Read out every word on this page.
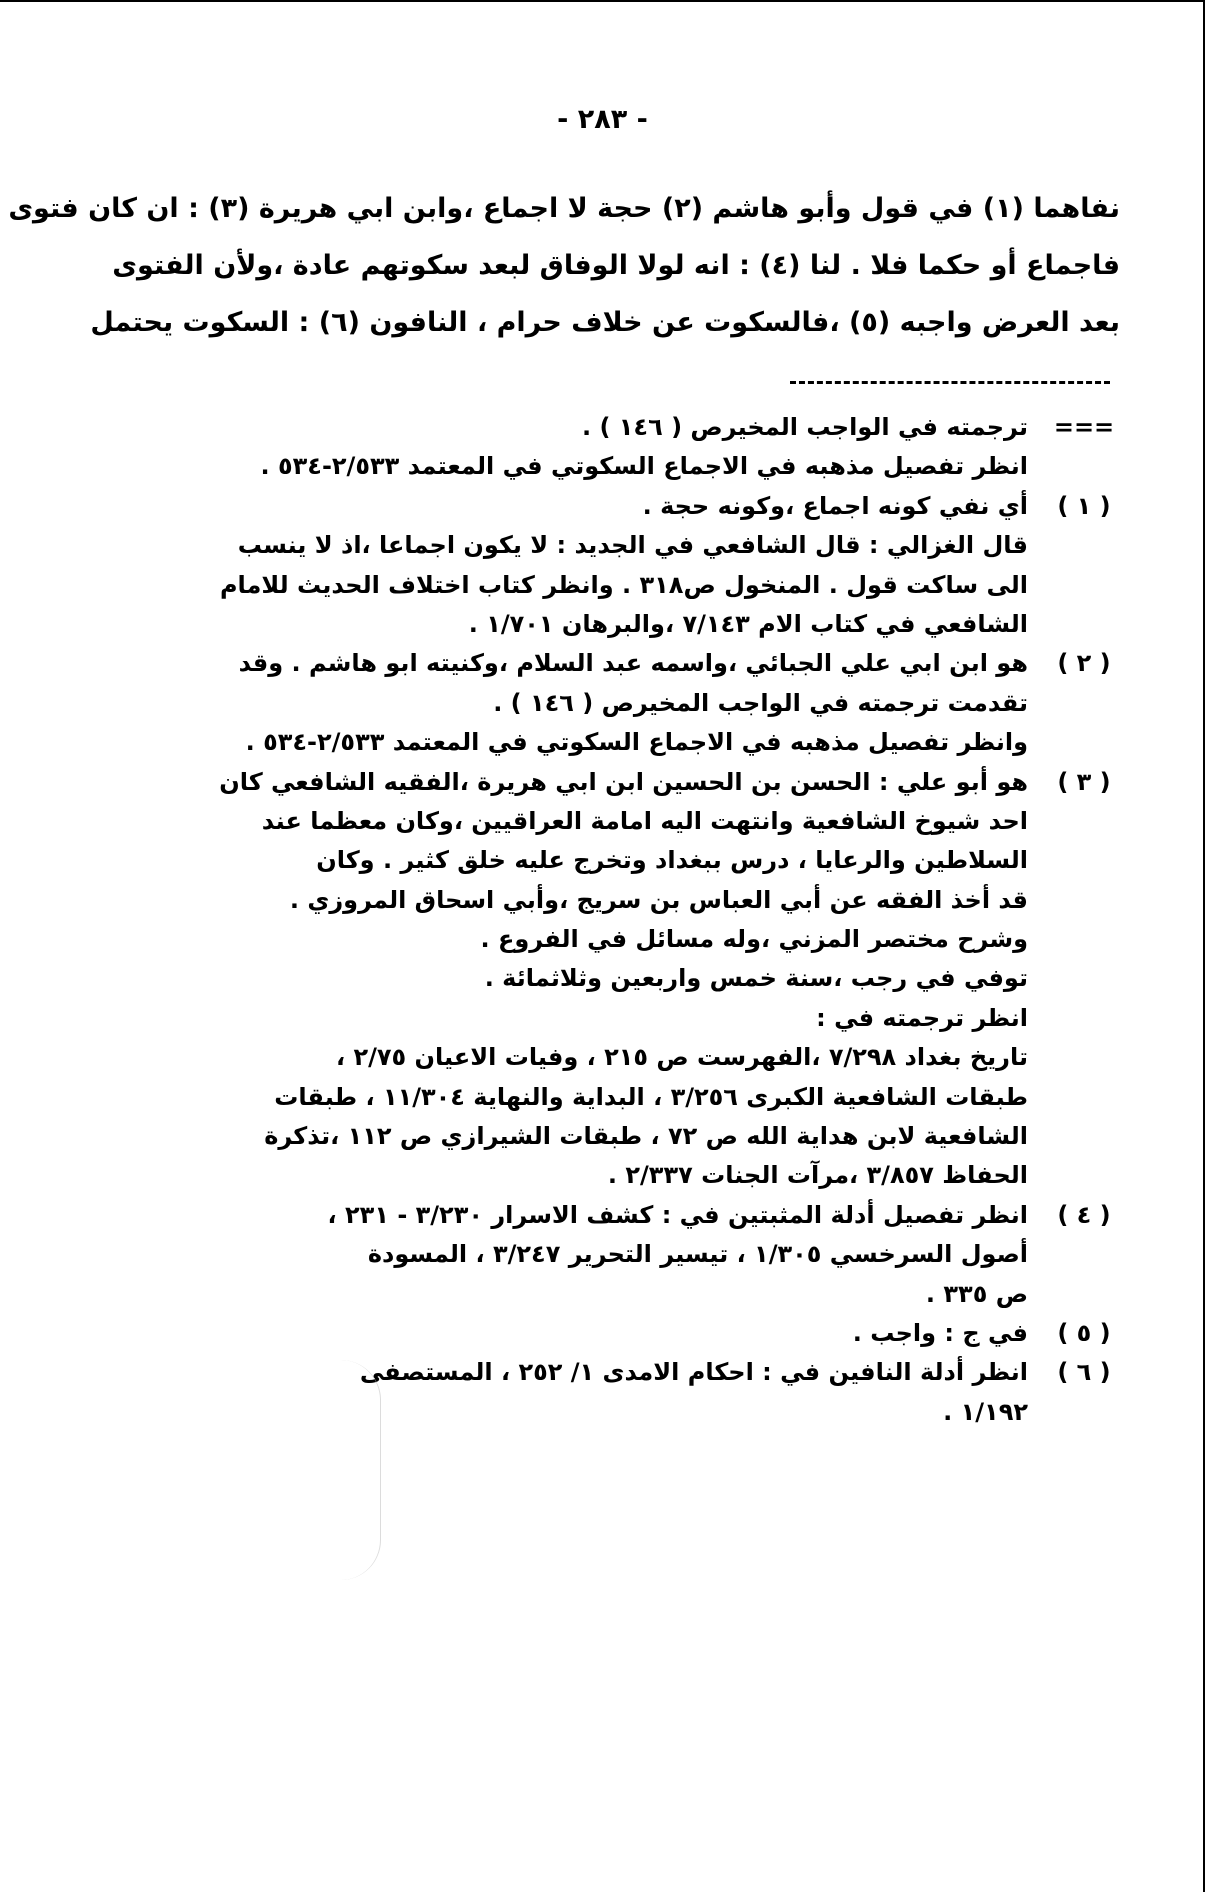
- ٢٨٣ -
نفاهما (١) في قول وأبو هاشم (٢) حجة لا اجماع ،وابن ابي هريرة (٣) : ان كان فتوى
فاجماع أو حكما فلا . لنا (٤) : انه لولا الوفاق لبعد سكوتهم عادة ،ولأن الفتوى
بعد العرض واجبه (٥) ،فالسكوت عن خلاف حرام ، النافون (٦) : السكوت يحتمل
===
ترجمته في الواجب المخيرص ( ١٤٦ ) .
انظر تفصيل مذهبه في الاجماع السكوتي في المعتمد ٢/٥٣٣-٥٣٤ .
( ١ )
أي نفي كونه اجماع ،وكونه حجة .
قال الغزالي : قال الشافعي في الجديد : لا يكون اجماعا ،اذ لا ينسب
الى ساكت قول . المنخول ص٣١٨ . وانظر كتاب اختلاف الحديث للامام
الشافعي في كتاب الام ٧/١٤٣ ،والبرهان ١/٧٠١ .
( ٢ )
هو ابن ابي علي الجبائي ،واسمه عبد السلام ،وكنيته ابو هاشم . وقد
تقدمت ترجمته في الواجب المخيرص ( ١٤٦ ) .
وانظر تفصيل مذهبه في الاجماع السكوتي في المعتمد ٢/٥٣٣-٥٣٤ .
( ٣ )
هو أبو علي : الحسن بن الحسين ابن ابي هريرة ،الفقيه الشافعي كان
احد شيوخ الشافعية وانتهت اليه امامة العراقيين ،وكان معظما عند
السلاطين والرعايا ، درس ببغداد وتخرج عليه خلق كثير . وكان
قد أخذ الفقه عن أبي العباس بن سريج ،وأبي اسحاق المروزي .
وشرح مختصر المزني ،وله مسائل في الفروع .
توفي في رجب ،سنة خمس واربعين وثلاثمائة .
انظر ترجمته في :
تاريخ بغداد ٧/٢٩٨ ،الفهرست ص ٢١٥ ، وفيات الاعيان ٢/٧٥ ،
طبقات الشافعية الكبرى ٣/٢٥٦ ، البداية والنهاية ١١/٣٠٤ ، طبقات
الشافعية لابن هداية الله ص ٧٢ ، طبقات الشيرازي ص ١١٢ ،تذكرة
الحفاظ ٣/٨٥٧ ،مرآت الجنات ٢/٣٣٧ .
( ٤ )
انظر تفصيل أدلة المثبتين في : كشف الاسرار ٣/٢٣٠ - ٢٣١ ،
أصول السرخسي ١/٣٠٥ ، تيسير التحرير ٣/٢٤٧ ، المسودة
ص ٣٣٥ .
( ٥ )
في ج : واجب .
( ٦ )
انظر أدلة النافين في : احكام الامدى ١/ ٢٥٢ ، المستصفى
١/١٩٢ .
